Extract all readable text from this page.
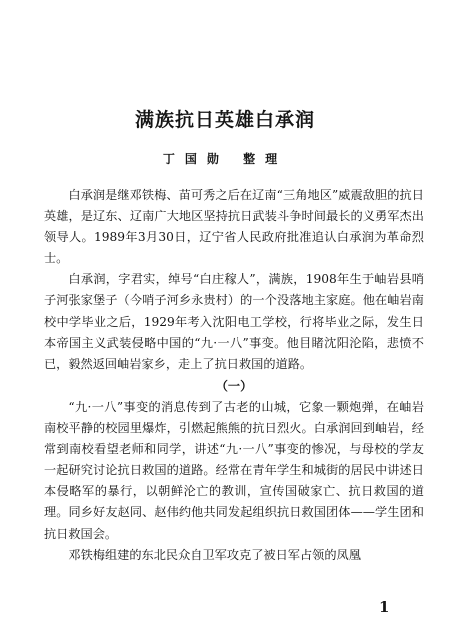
满族抗日英雄白承润
丁国勋 整理

白承润是继邓铁梅、苗可秀之后在辽南“三角地区”威震敌胆的抗日英雄，是辽东、辽南广大地区坚持抗日武装斗争时间最长的义勇军杰出领导人。1989年3月30日，辽宁省人民政府批准追认白承润为革命烈士。

白承润，字君实，绰号“白庄稼人”，满族，1908年生于岫岩县哨子河张家堡子（今哨子河乡永贵村）的一个没落地主家庭。他在岫岩南校中学毕业之后，1929年考入沈阳电工学校，行将毕业之际，发生日本帝国主义武装侵略中国的“九·一八”事变。他目睹沈阳沦陷，悲愤不已，毅然返回岫岩家乡，走上了抗日救国的道路。

（一）

“九·一八”事变的消息传到了古老的山城，它象一颗炮弹，在岫岩南校平静的校园里爆炸，引燃起熊熊的抗日烈火。白承润回到岫岩，经常到南校看望老师和同学，讲述“九·一八”事变的惨况，与母校的学友一起研究讨论抗日救国的道路。经常在青年学生和城街的居民中讲述日本侵略军的暴行，以朝鲜沦亡的教训，宣传国破家亡、抗日救国的道理。同乡好友赵同、赵伟约他共同发起组织抗日救国团体——学生团和抗日救国会。

邓铁梅组建的东北民众自卫军攻克了被日军占领的凤凰

1
